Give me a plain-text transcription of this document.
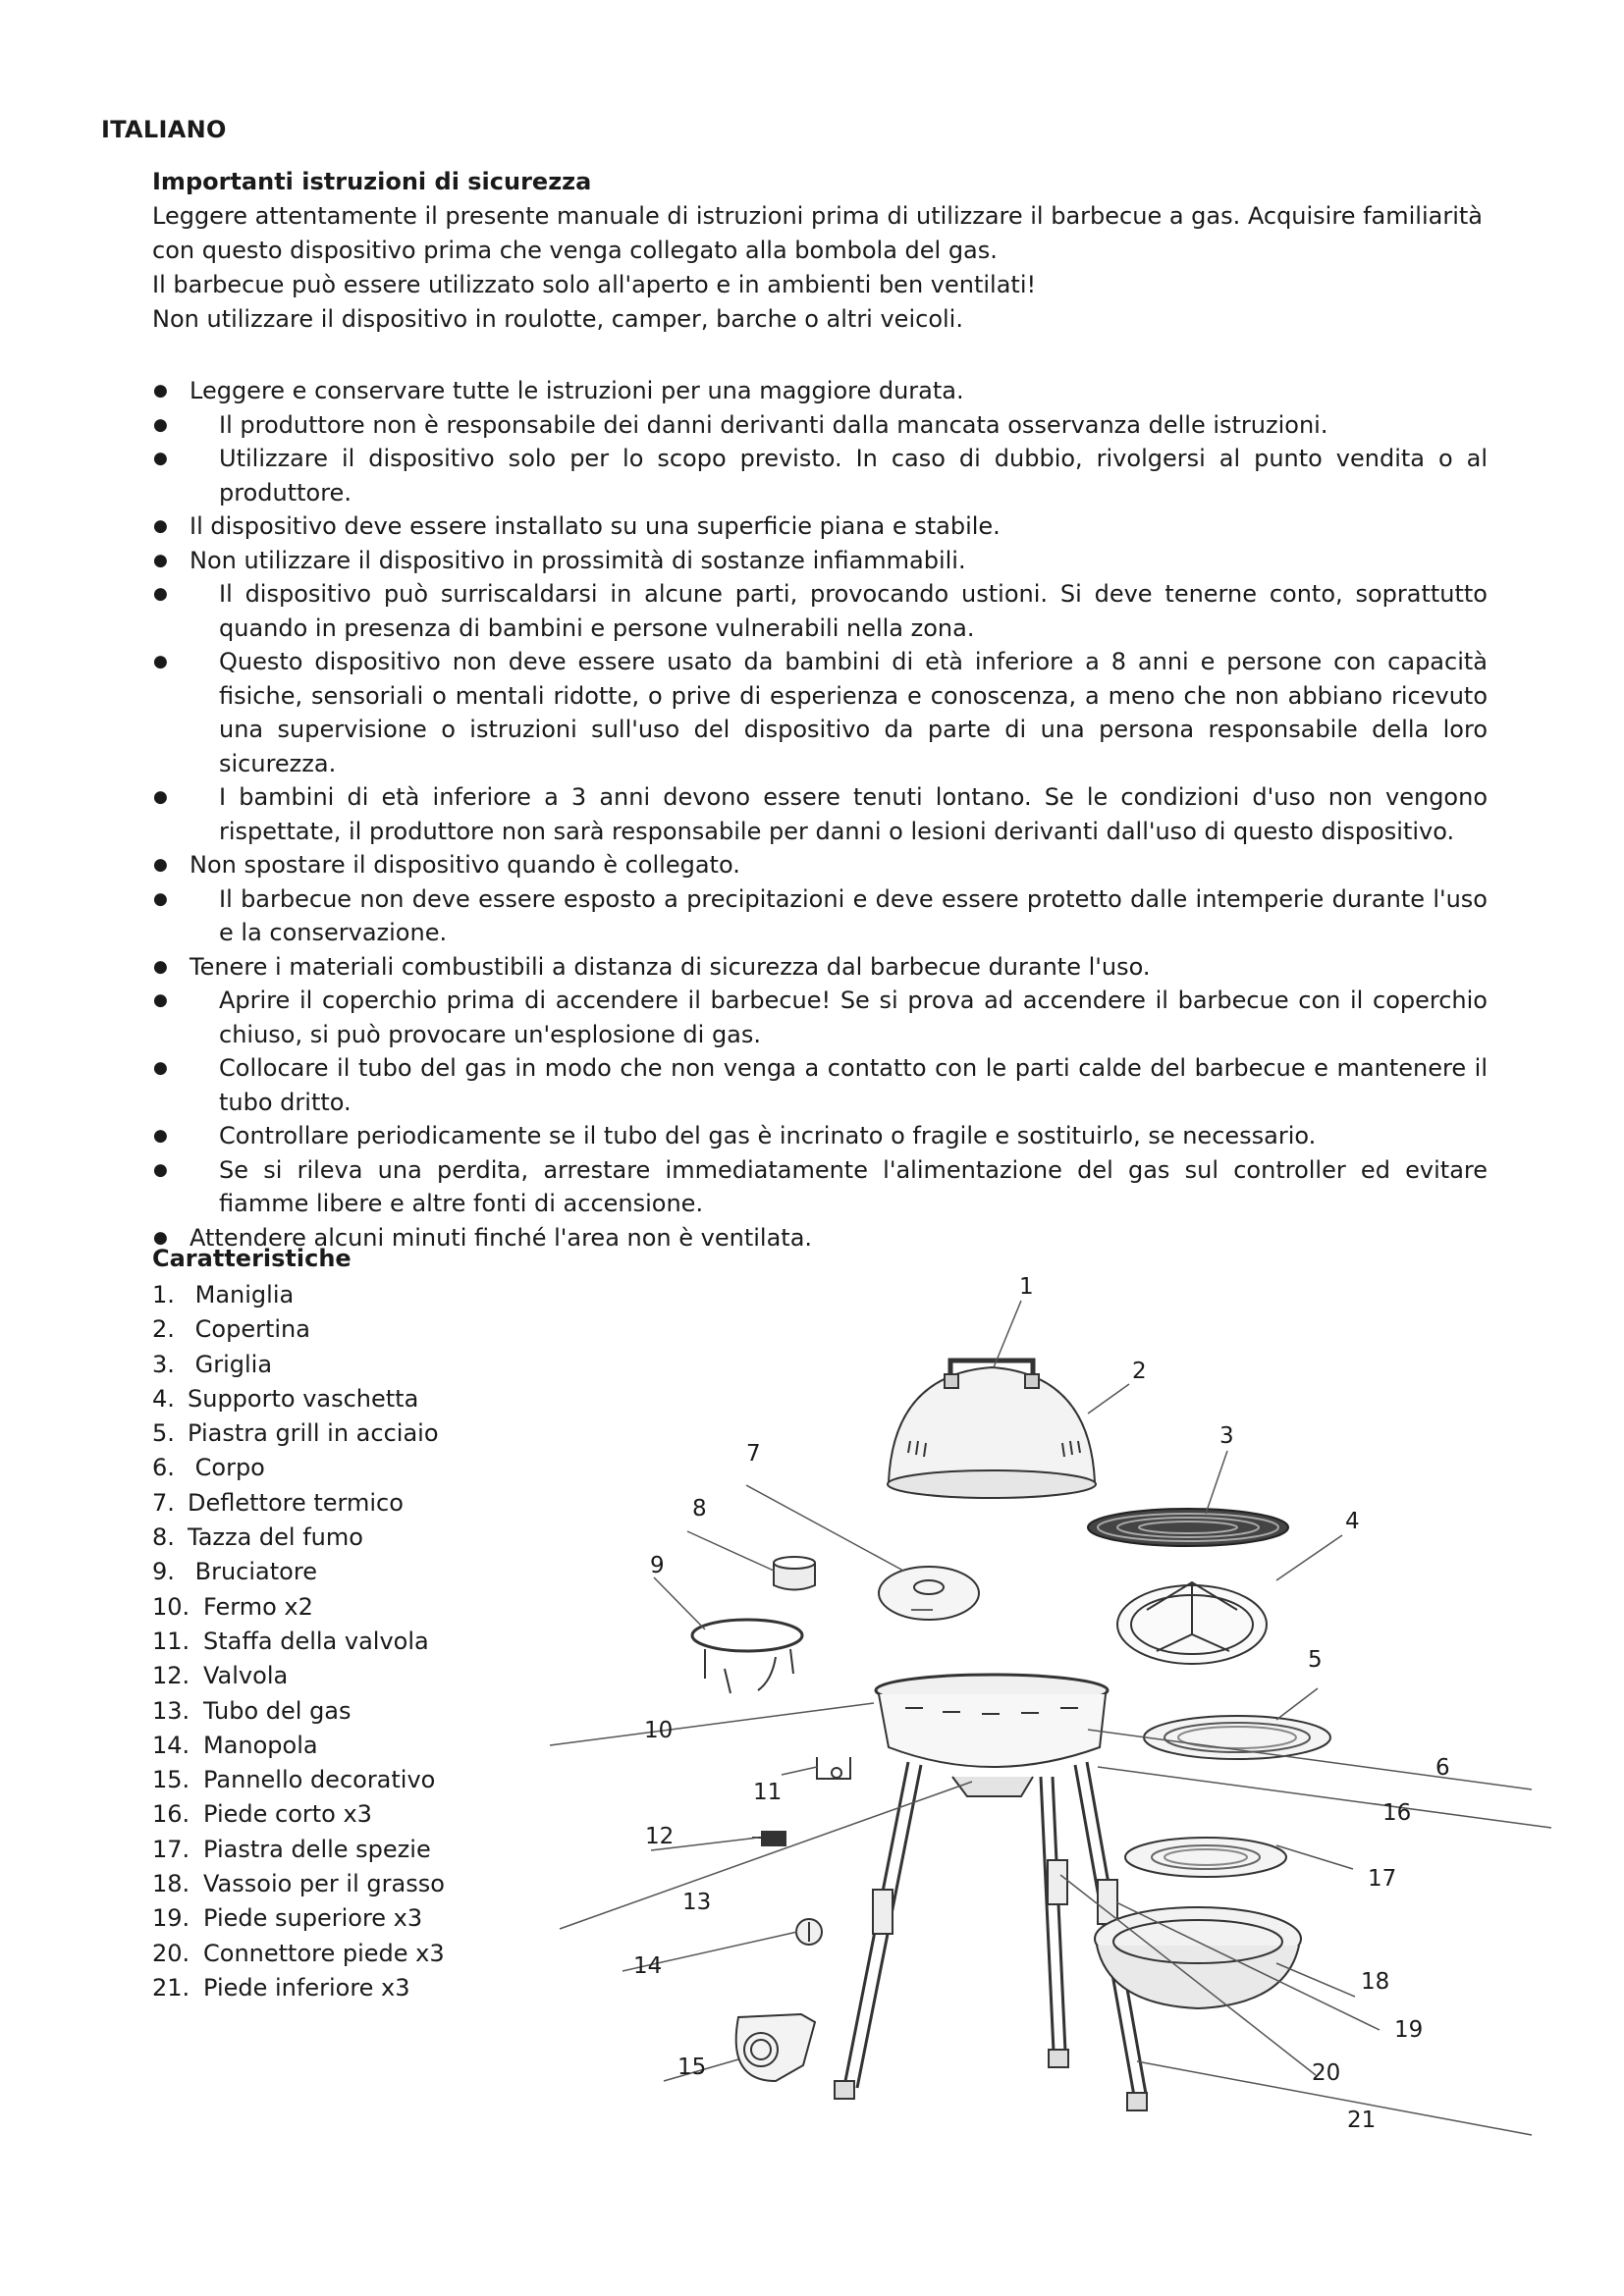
ITALIANO

Importanti istruzioni di sicurezza

Leggere attentamente il presente manuale di istruzioni prima di utilizzare il barbecue a gas. Acquisire familiarità con questo dispositivo prima che venga collegato alla bombola del gas.

Il barbecue può essere utilizzato solo all'aperto e in ambienti ben ventilati!

Non utilizzare il dispositivo in roulotte, camper, barche o altri veicoli.

● Leggere e conservare tutte le istruzioni per una maggiore durata.
● Il produttore non è responsabile dei danni derivanti dalla mancata osservanza delle istruzioni.
● Utilizzare il dispositivo solo per lo scopo previsto. In caso di dubbio, rivolgersi al punto vendita o al produttore.
● Il dispositivo deve essere installato su una superficie piana e stabile.
● Non utilizzare il dispositivo in prossimità di sostanze infiammabili.
● Il dispositivo può surriscaldarsi in alcune parti, provocando ustioni. Si deve tenerne conto, soprattutto quando in presenza di bambini e persone vulnerabili nella zona.
● Questo dispositivo non deve essere usato da bambini di età inferiore a 8 anni e persone con capacità fisiche, sensoriali o mentali ridotte, o prive di esperienza e conoscenza, a meno che non abbiano ricevuto una supervisione o istruzioni sull'uso del dispositivo da parte di una persona responsabile della loro sicurezza.
● I bambini di età inferiore a 3 anni devono essere tenuti lontano. Se le condizioni d'uso non vengono rispettate, il produttore non sarà responsabile per danni o lesioni derivanti dall'uso di questo dispositivo.
● Non spostare il dispositivo quando è collegato.
● Il barbecue non deve essere esposto a precipitazioni e deve essere protetto dalle intemperie durante l'uso e la conservazione.
● Tenere i materiali combustibili a distanza di sicurezza dal barbecue durante l'uso.
● Aprire il coperchio prima di accendere il barbecue! Se si prova ad accendere il barbecue con il coperchio chiuso, si può provocare un'esplosione di gas.
● Collocare il tubo del gas in modo che non venga a contatto con le parti calde del barbecue e mantenere il tubo dritto.
● Controllare periodicamente se il tubo del gas è incrinato o fragile e sostituirlo, se necessario.
● Se si rileva una perdita, arrestare immediatamente l'alimentazione del gas sul controller ed evitare fiamme libere e altre fonti di accensione.
● Attendere alcuni minuti finché l'area non è ventilata.
Caratteristiche
1. Maniglia
2. Copertina
3. Griglia
4. Supporto vaschetta
5. Piastra grill in acciaio
6. Corpo
7. Deflettore termico
8. Tazza del fumo
9. Bruciatore
10. Fermo x2
11. Staffa della valvola
12. Valvola
13. Tubo del gas
14. Manopola
15. Pannello decorativo
16. Piede corto x3
17. Piastra delle spezie
18. Vassoio per il grasso
19. Piede superiore x3
20. Connettore piede x3
21. Piede inferiore x3
1
2
3
4
5
6
7
8
9
10
11
12
13
14
15
16
17
18
19
20
21
